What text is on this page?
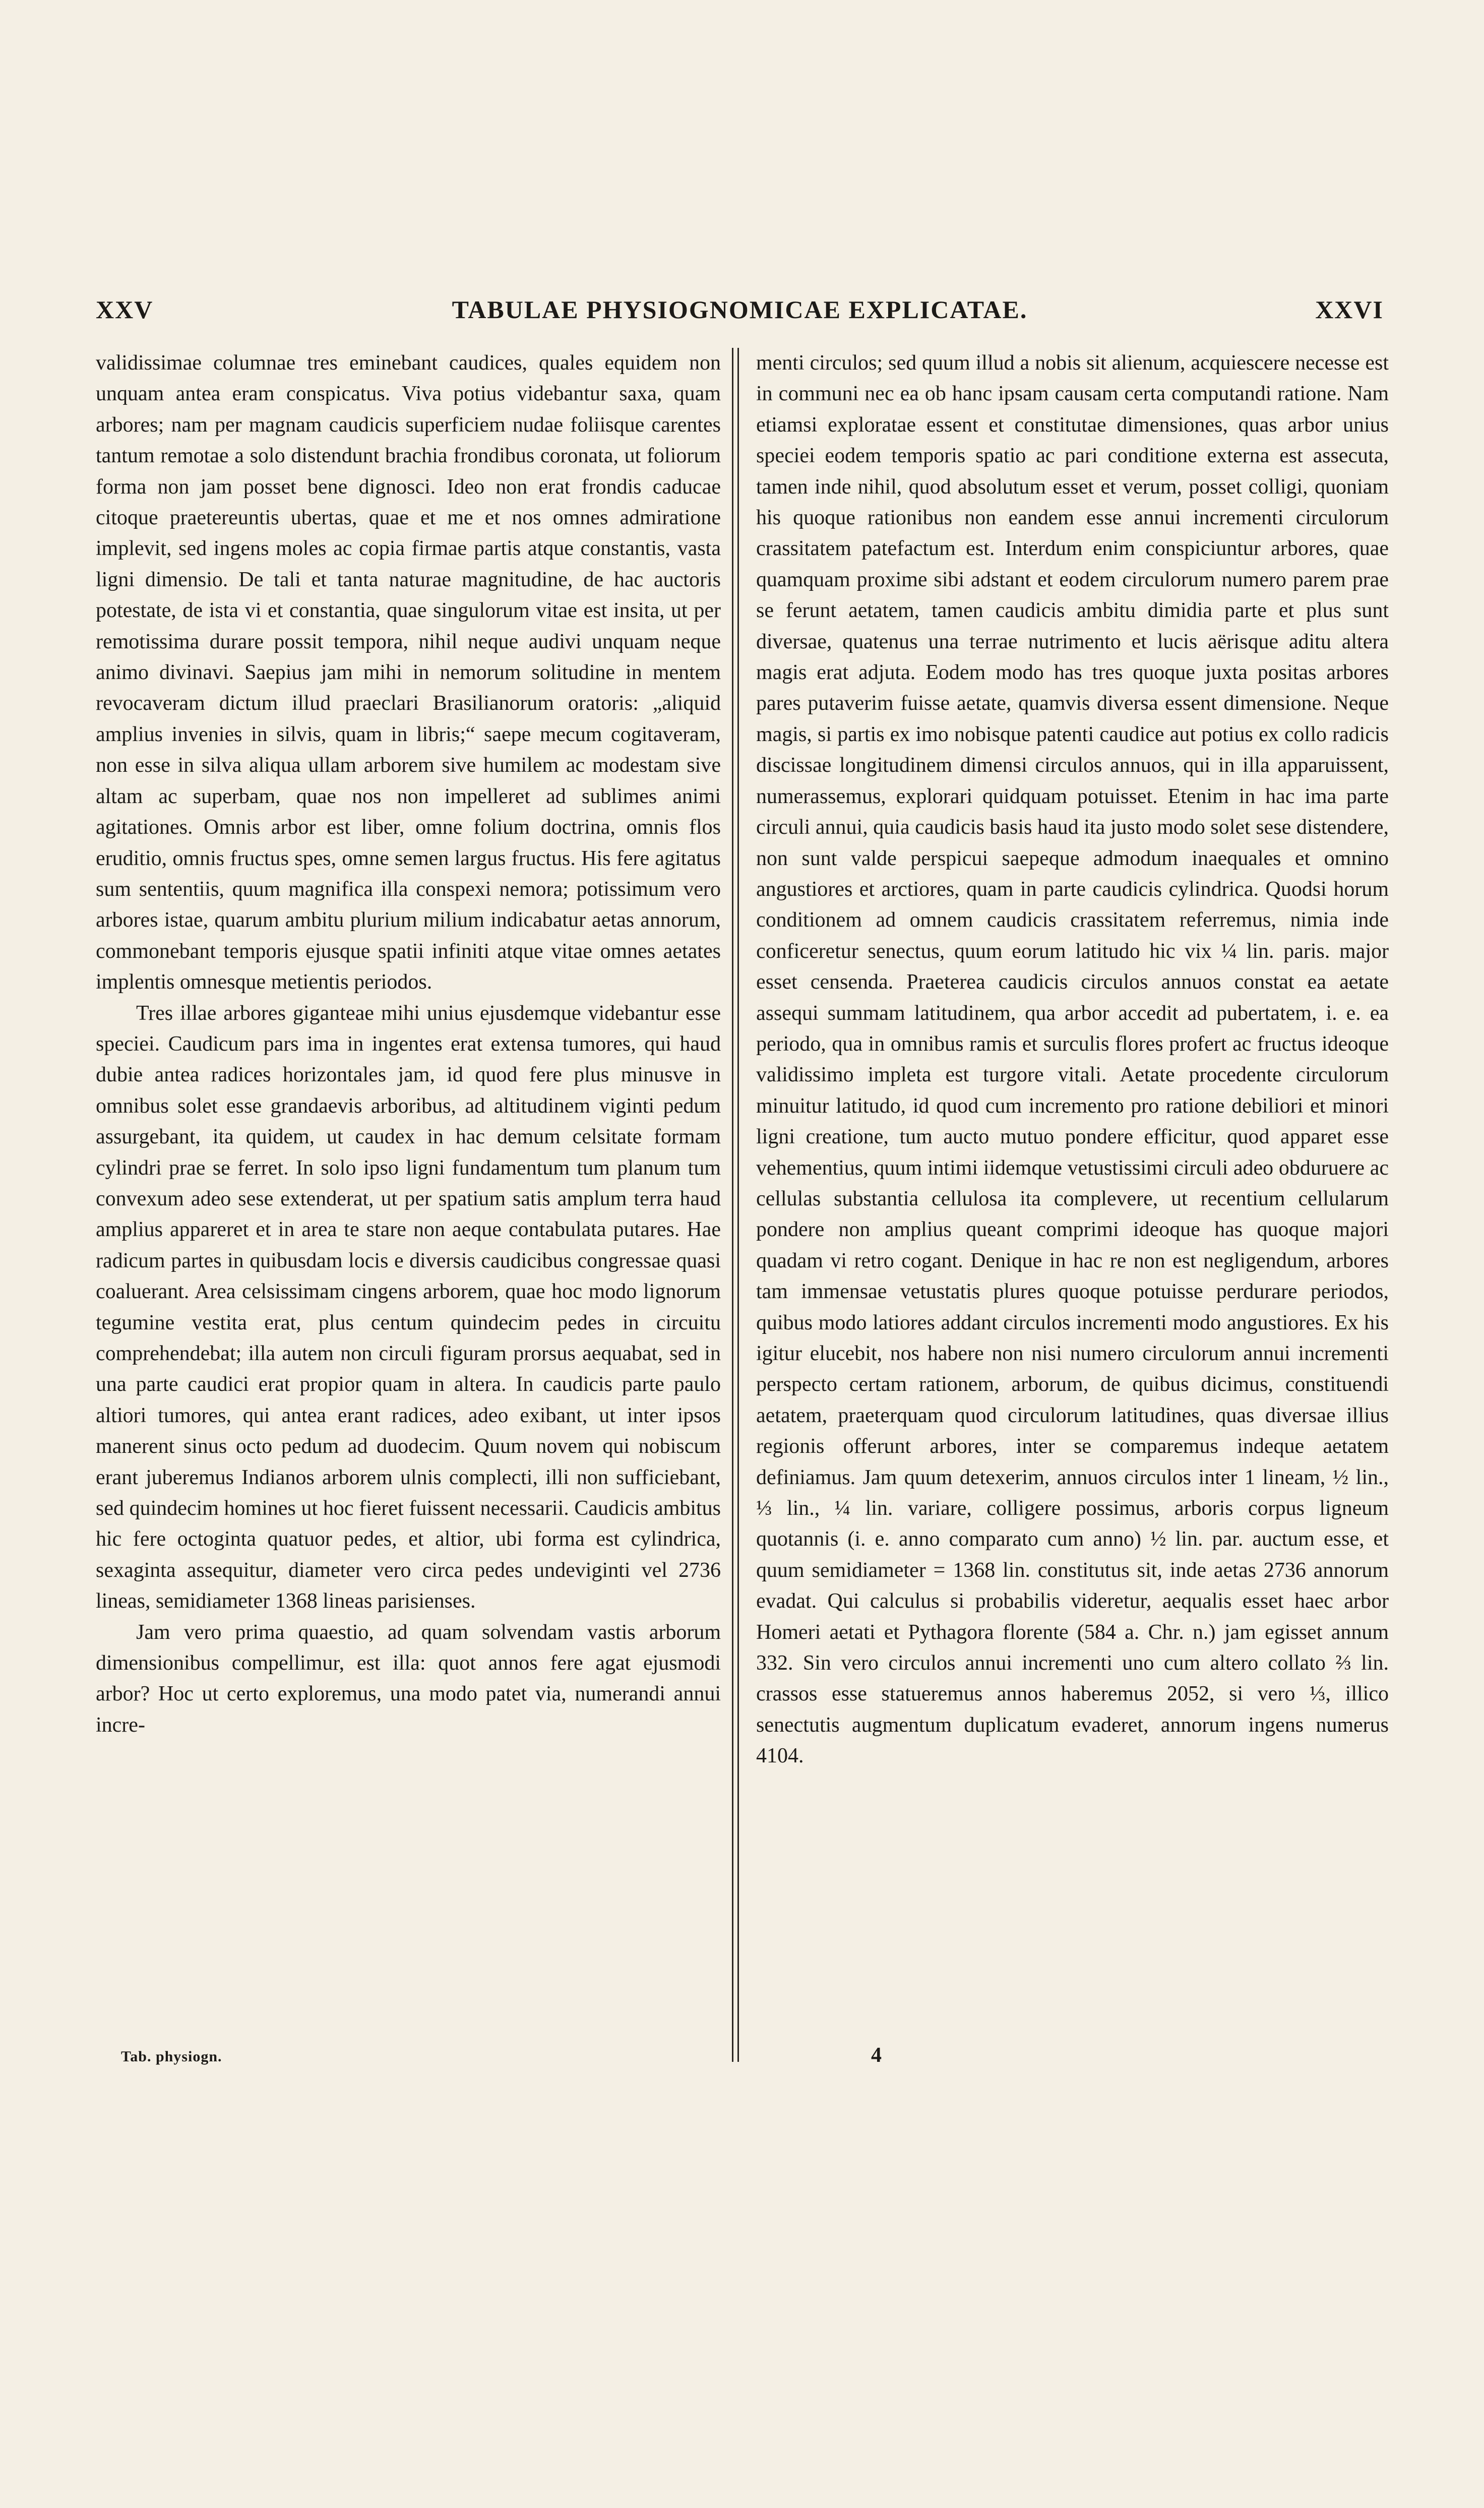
XXV	TABULAE PHYSIOGNOMICAE EXPLICATAE.	XXVI

validissimae columnae tres eminebant caudices, quales equidem non unquam antea eram conspicatus. Viva potius videbantur saxa, quam arbores; nam per magnam caudicis superficiem nudae foliisque carentes tantum remotae a solo distendunt brachia frondibus coronata, ut foliorum forma non jam posset bene dignosci. Ideo non erat frondis caducae citoque praetereuntis ubertas, quae et me et nos omnes admiratione implevit, sed ingens moles ac copia firmae partis atque constantis, vasta ligni dimensio. De tali et tanta naturae magnitudine, de hac auctoris potestate, de ista vi et constantia, quae singulorum vitae est insita, ut per remotissima durare possit tempora, nihil neque audivi unquam neque animo divinavi. Saepius jam mihi in nemorum solitudine in mentem revocaveram dictum illud praeclari Brasilianorum oratoris: „aliquid amplius invenies in silvis, quam in libris;“ saepe mecum cogitaveram, non esse in silva aliqua ullam arborem sive humilem ac modestam sive altam ac superbam, quae nos non impelleret ad sublimes animi agitationes. Omnis arbor est liber, omne folium doctrina, omnis flos eruditio, omnis fructus spes, omne semen largus fructus. His fere agitatus sum sententiis, quum magnifica illa conspexi nemora; potissimum vero arbores istae, quarum ambitu plurium milium indicabatur aetas annorum, commonebant temporis ejusque spatii infiniti atque vitae omnes aetates implentis omnesque metientis periodos.

Tres illae arbores giganteae mihi unius ejusdemque videbantur esse speciei. Caudicum pars ima in ingentes erat extensa tumores, qui haud dubie antea radices horizontales jam, id quod fere plus minusve in omnibus solet esse grandaevis arboribus, ad altitudinem viginti pedum assurgebant, ita quidem, ut caudex in hac demum celsitate formam cylindri prae se ferret. In solo ipso ligni fundamentum tum planum tum convexum adeo sese extenderat, ut per spatium satis amplum terra haud amplius appareret et in area te stare non aeque contabulata putares. Hae radicum partes in quibusdam locis e diversis caudicibus congressae quasi coaluerant. Area celsissimam cingens arborem, quae hoc modo lignorum tegumine vestita erat, plus centum quindecim pedes in circuitu comprehendebat; illa autem non circuli figuram prorsus aequabat, sed in una parte caudici erat propior quam in altera. In caudicis parte paulo altiori tumores, qui antea erant radices, adeo exibant, ut inter ipsos manerent sinus octo pedum ad duodecim. Quum novem qui nobiscum erant juberemus Indianos arborem ulnis complecti, illi non sufficiebant, sed quindecim homines ut hoc fieret fuissent necessarii. Caudicis ambitus hic fere octoginta quatuor pedes, et altior, ubi forma est cylindrica, sexaginta assequitur, diameter vero circa pedes undeviginti vel 2736 lineas, semidiameter 1368 lineas parisienses.

Jam vero prima quaestio, ad quam solvendam vastis arborum dimensionibus compellimur, est illa: quot annos fere agat ejusmodi arbor? Hoc ut certo exploremus, una modo patet via, numerandi annui incre-

menti circulos; sed quum illud a nobis sit alienum, acquiescere necesse est in communi nec ea ob hanc ipsam causam certa computandi ratione. Nam etiamsi exploratae essent et constitutae dimensiones, quas arbor unius speciei eodem temporis spatio ac pari conditione externa est assecuta, tamen inde nihil, quod absolutum esset et verum, posset colligi, quoniam his quoque rationibus non eandem esse annui incrementi circulorum crassitatem patefactum est. Interdum enim conspiciuntur arbores, quae quamquam proxime sibi adstant et eodem circulorum numero parem prae se ferunt aetatem, tamen caudicis ambitu dimidia parte et plus sunt diversae, quatenus una terrae nutrimento et lucis aërisque aditu altera magis erat adjuta. Eodem modo has tres quoque juxta positas arbores pares putaverim fuisse aetate, quamvis diversa essent dimensione. Neque magis, si partis ex imo nobisque patenti caudice aut potius ex collo radicis discissae longitudinem dimensi circulos annuos, qui in illa apparuissent, numerassemus, explorari quidquam potuisset. Etenim in hac ima parte circuli annui, quia caudicis basis haud ita justo modo solet sese distendere, non sunt valde perspicui saepeque admodum inaequales et omnino angustiores et arctiores, quam in parte caudicis cylindrica. Quodsi horum conditionem ad omnem caudicis crassitatem referremus, nimia inde conficeretur senectus, quum eorum latitudo hic vix ¼ lin. paris. major esset censenda. Praeterea caudicis circulos annuos constat ea aetate assequi summam latitudinem, qua arbor accedit ad pubertatem, i. e. ea periodo, qua in omnibus ramis et surculis flores profert ac fructus ideoque validissimo impleta est turgore vitali. Aetate procedente circulorum minuitur latitudo, id quod cum incremento pro ratione debiliori et minori ligni creatione, tum aucto mutuo pondere efficitur, quod apparet esse vehementius, quum intimi iidemque vetustissimi circuli adeo obduruere ac cellulas substantia cellulosa ita complevere, ut recentium cellularum pondere non amplius queant comprimi ideoque has quoque majori quadam vi retro cogant. Denique in hac re non est negligendum, arbores tam immensae vetustatis plures quoque potuisse perdurare periodos, quibus modo latiores addant circulos incrementi modo angustiores. Ex his igitur elucebit, nos habere non nisi numero circulorum annui incrementi perspecto certam rationem, arborum, de quibus dicimus, constituendi aetatem, praeterquam quod circulorum latitudines, quas diversae illius regionis offerunt arbores, inter se comparemus indeque aetatem definiamus. Jam quum detexerim, annuos circulos inter 1 lineam, ½ lin., ⅓ lin., ¼ lin. variare, colligere possimus, arboris corpus ligneum quotannis (i. e. anno comparato cum anno) ½ lin. par. auctum esse, et quum semidiameter = 1368 lin. constitutus sit, inde aetas 2736 annorum evadat. Qui calculus si probabilis videretur, aequalis esset haec arbor Homeri aetati et Pythagora florente (584 a. Chr. n.) jam egisset annum 332. Sin vero circulos annui incrementi uno cum altero collato ⅔ lin. crassos esse statueremus annos haberemus 2052, si vero ⅓, illico senectutis augmentum duplicatum evaderet, annorum ingens numerus 4104.

Tab. physiogn.	4
